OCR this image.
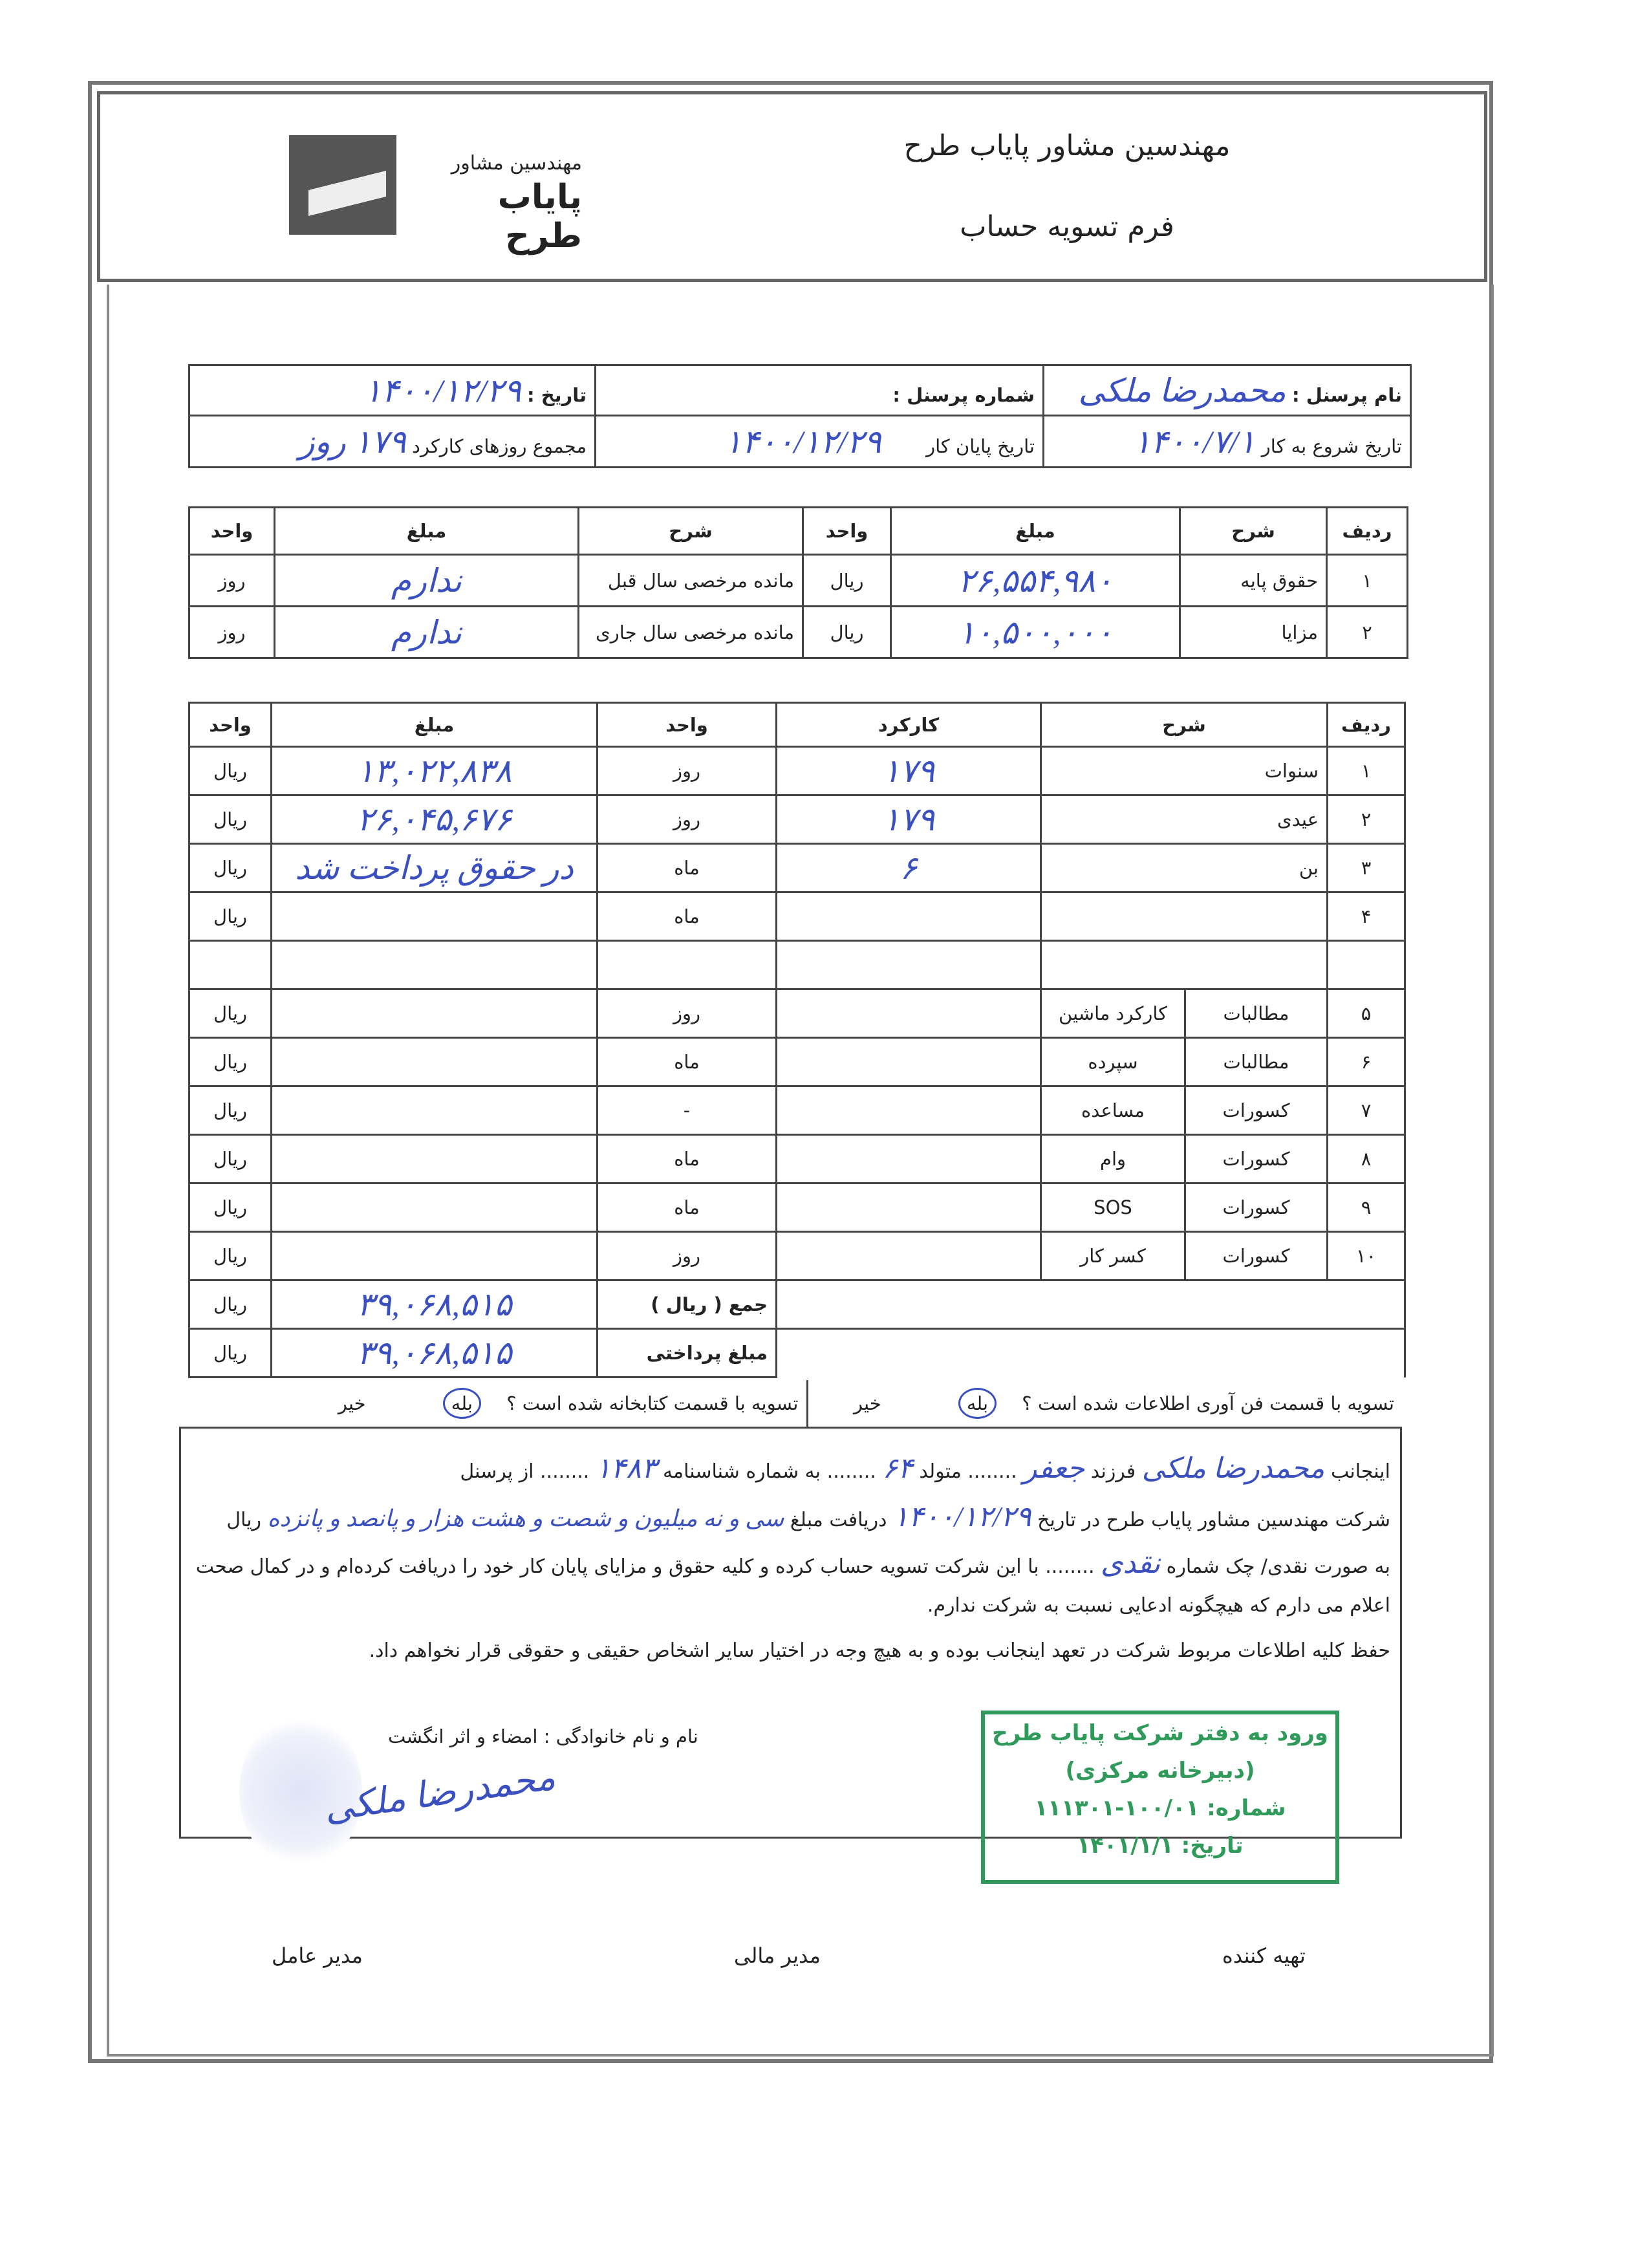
مهندسین مشاور
پایاب طرح
مهندسین مشاور پایاب طرح
فرم تسویه حساب
نام پرسنل : محمدرضا ملکی	شماره پرسنل :	تاریخ : ۱۴۰۰/۱۲/۲۹
تاریخ شروع به کار ۱۴۰۰/۷/۱	تاریخ پایان کار ۱۴۰۰/۱۲/۲۹	مجموع روزهای کارکرد ۱۷۹ روز
ردیف	شرح	مبلغ	واحد	شرح	مبلغ	واحد
۱	حقوق پایه	۲۶,۵۵۴,۹۸۰	ریال	مانده مرخصی سال قبل	ندارم	روز
۲	مزایا	۱۰,۵۰۰,۰۰۰	ریال	مانده مرخصی سال جاری	ندارم	روز
ردیف	شرح		کارکرد	واحد	مبلغ	واحد
۱	سنوات		۱۷۹	روز	۱۳,۰۲۲,۸۳۸	ریال
۲	عیدی		۱۷۹	روز	۲۶,۰۴۵,۶۷۶	ریال
۳	بن		۶	ماه	در حقوق پرداخت شد	ریال
۴				ماه		ریال

۵	مطالبات	کارکرد ماشین		روز		ریال
۶	مطالبات	سپرده		ماه		ریال
۷	کسورات	مساعده		-		ریال
۸	کسورات	وام		ماه		ریال
۹	کسورات	SOS		ماه		ریال
۱۰	کسورات	کسر کار		روز		ریال
				جمع ( ریال )	۳۹,۰۶۸,۵۱۵	ریال
				مبلغ پرداختی	۳۹,۰۶۸,۵۱۵	ریال
تسویه با قسمت فن آوری اطلاعات شده است ؟ بله خیر	تسویه با قسمت کتابخانه شده است ؟ بله خیر
اینجانب محمدرضا ملکی فرزند جعفر ........ متولد ۶۴ ........ به شماره شناسنامه ۱۴۸۳ ........ از پرسنل
شرکت مهندسین مشاور پایاب طرح در تاریخ ۱۴۰۰/۱۲/۲۹ دریافت مبلغ سی و نه میلیون و شصت و هشت هزار و پانصد و پانزده ریال
به صورت نقدی/ چک شماره نقدی ........ با این شرکت تسویه حساب کرده و کلیه حقوق و مزایای پایان کار خود را دریافت کرده‌ام و در کمال صحت
اعلام می دارم که هیچگونه ادعایی نسبت به شرکت ندارم.
حفظ کلیه اطلاعات مربوط شرکت در تعهد اینجانب بوده و به هیچ وجه در اختیار سایر اشخاص حقیقی و حقوقی قرار نخواهم داد.
نام و نام خانوادگی : امضاء و اثر انگشت
محمدرضا ملکی
ورود به دفتر شرکت پایاب طرح
(دبیرخانه مرکزی)
شماره: ۱۰۰/۰۱-۱۱۱۳۰۱
تاریخ: ۱۴۰۱/۱/۱
تهیه کننده
مدیر مالی
مدیر عامل
